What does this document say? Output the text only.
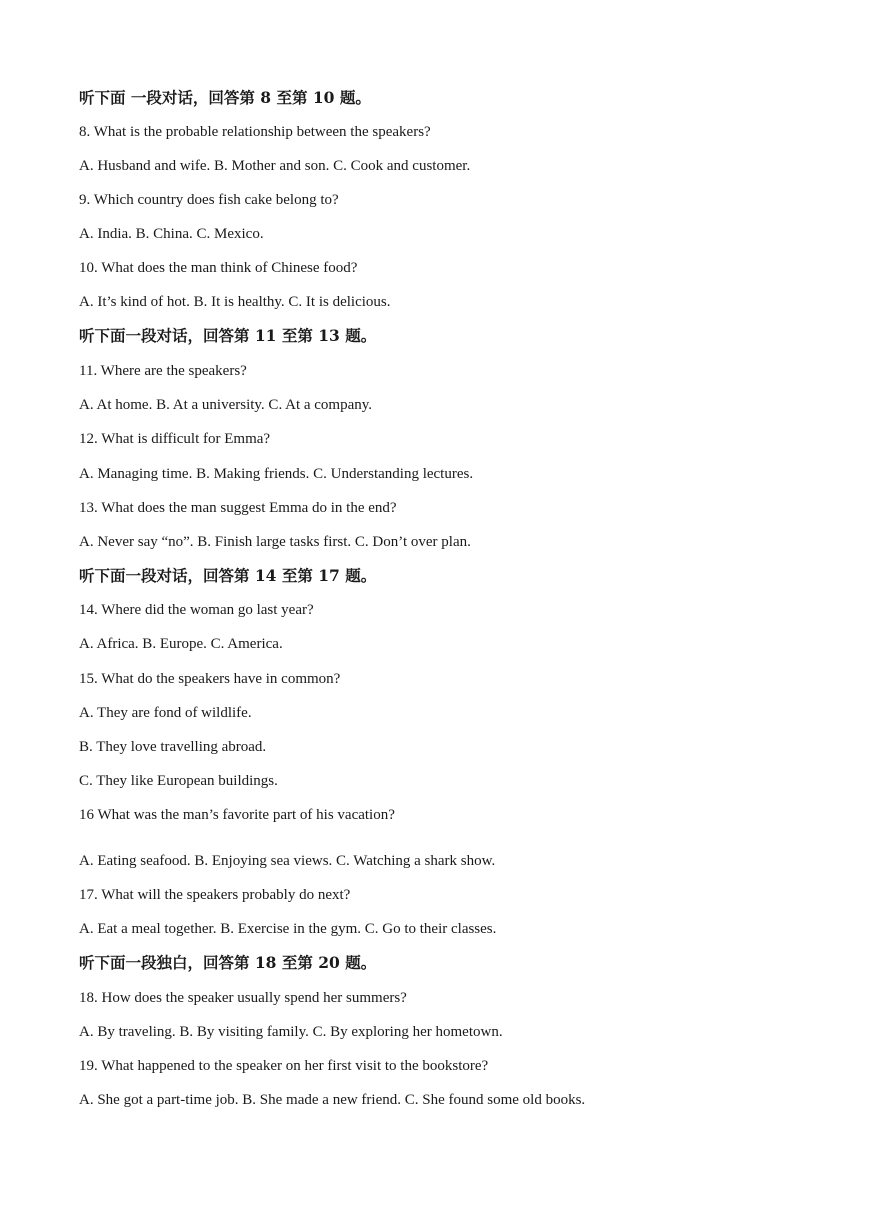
听下面 一段对话，回答第 8 至第 10 题。
8. What is the probable relationship between the speakers?
A. Husband and wife. B. Mother and son. C. Cook and customer.
9. Which country does fish cake belong to?
A. India. B. China. C. Mexico.
10. What does the man think of Chinese food?
A. It’s kind of hot. B. It is healthy. C. It is delicious.
听下面一段对话，回答第 11 至第 13 题。
11. Where are the speakers?
A. At home. B. At a university. C. At a company.
12. What is difficult for Emma?
A. Managing time. B. Making friends. C. Understanding lectures.
13. What does the man suggest Emma do in the end?
A. Never say “no”. B. Finish large tasks first. C. Don’t over plan.
听下面一段对话，回答第 14 至第 17 题。
14. Where did the woman go last year?
A. Africa. B. Europe. C. America.
15. What do the speakers have in common?
A. They are fond of wildlife.
B. They love travelling abroad.
C. They like European buildings.
16 What was the man’s favorite part of his vacation?
A. Eating seafood. B. Enjoying sea views. C. Watching a shark show.
17. What will the speakers probably do next?
A. Eat a meal together. B. Exercise in the gym. C. Go to their classes.
听下面一段独白，回答第 18 至第 20 题。
18. How does the speaker usually spend her summers?
A. By traveling. B. By visiting family. C. By exploring her hometown.
19. What happened to the speaker on her first visit to the bookstore?
A. She got a part-time job. B. She made a new friend. C. She found some old books.
